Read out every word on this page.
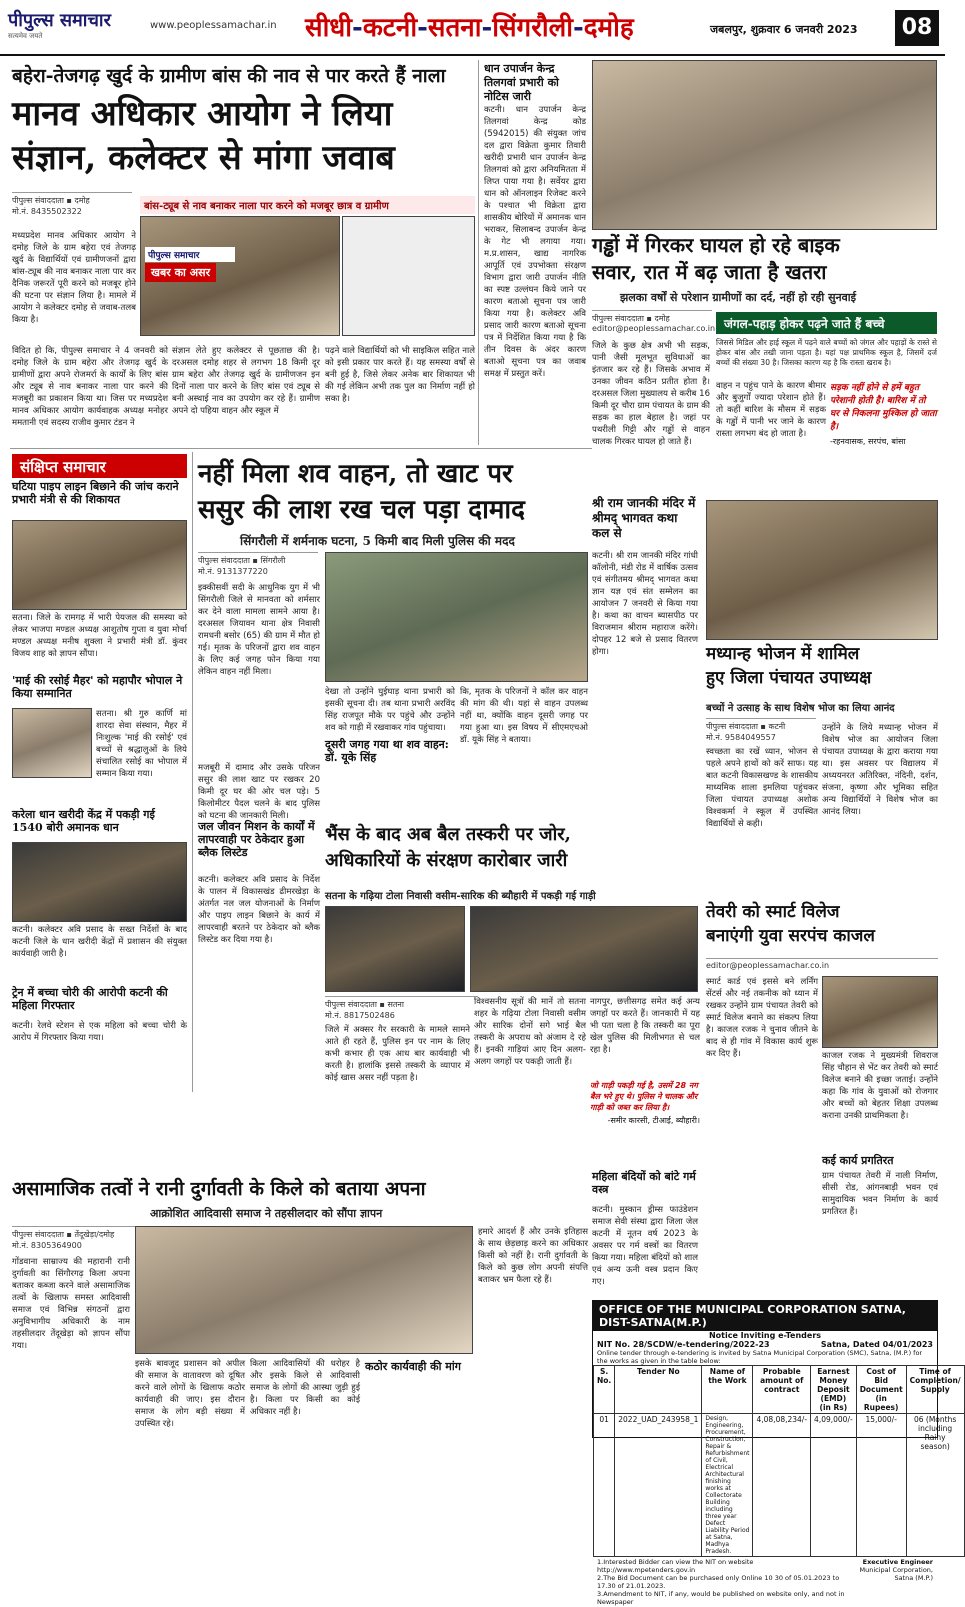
पीपुल्स समाचार
सत्यमेव जयते
www.peoplessamachar.in सीधी-कटनी-सतना-सिंगरौली-दमोह	जबलपुर, शुक्रवार 6 जनवरी 2023	08
बहेरा-तेजगढ़ खुर्द के ग्रामीण बांस की नाव से पार करते हैं नाला
मानव अधिकार आयोग ने लिया
संज्ञान, कलेक्टर से मांगा जवाब
पीपुल्स संवाददाता ▪ दमोह
मो.नं. 8435502322	बांस-ट्यूब से नाव बनाकर नाला पार करने को मजबूर छात्र व ग्रामीण
पीपुल्स समाचार
खबर का असर
मध्यप्रदेश मानव अधिकार आयोग ने दमोह जिले के ग्राम बहेरा एवं तेजगढ़ खुर्द के विद्यार्थियों एवं ग्रामीणजनों द्वारा बांस-ट्यूब की नाव बनाकर नाला पार कर दैनिक जरूरतें पूरी करने को मजबूर होने की घटना पर संज्ञान लिया है। मामले में आयोग ने कलेक्टर दमोह से जवाब-तलब किया है।
विदित हो कि, पीपुल्स समाचार ने 4 जनवरी को दमोह जिले के ग्राम बहेरा और तेजगढ़ खुर्द के ग्रामीणों द्वारा अपने रोजमर्रा के कार्यों के लिए बांस और ट्यूब से नाव बनाकर नाला पार करने की मजबूरी का प्रकाशन किया था। जिस पर मध्यप्रदेश मानव अधिकार आयोग कार्यवाहक अध्यक्ष मनोहर ममतानी एवं सदस्य राजीव कुमार टंडन ने
संज्ञान लेते हुए कलेक्टर से पूछताछ की है। दरअसल दमोह शहर से लगभग 18 किमी दूर ग्राम बहेरा और तेजगढ़ खुर्द के ग्रामीणजन इन दिनों नाला पार करने के लिए बांस एवं ट्यूब से बनी अस्थाई नाव का उपयोग कर रहे हैं। ग्रामीण अपने दो पहिया वाहन और स्कूल में
पढ़ने वाले विद्यार्थियों को भी साइकिल सहित नाले को इसी प्रकार पार करते हैं। यह समस्या वर्षों से बनी हुई है, जिसे लेकर अनेक बार शिकायत भी की गई लेकिन अभी तक पुल का निर्माण नहीं हो सका है।
धान उपार्जन केन्द्र तिलगवां प्रभारी को नोटिस जारी
कटनी। धान उपार्जन केन्द्र तिलगवां केन्द्र कोड (5942015) की संयुक्त जांच दल द्वारा विक्रेता कुमार तिवारी खरीदी प्रभारी धान उपार्जन केन्द्र तिलगवां को द्वारा अनियमितता में लिप्त पाया गया है। सर्वेयर द्वारा धान को ऑनलाइन रिजेक्ट करने के पश्चात भी विक्रेता द्वारा शासकीय बोरियों में अमानक धान भराकर, सिलाबन्द उपार्जन केन्द्र के गेट भी लगाया गया। म.प्र.शासन, खाद्य नागरिक आपूर्ति एवं उपभोक्ता संरक्षण विभाग द्वारा जारी उपार्जन नीति का स्पष्ट उल्लंघन किये जाने पर कारण बताओ सूचना पत्र जारी किया गया है। कलेक्टर अवि प्रसाद जारी कारण बताओ सूचना पत्र में निर्देशित किया गया है कि तीन दिवस के अंदर कारण बताओ सूचना पत्र का जवाब समक्ष में प्रस्तुत करें।
गड्ढों में गिरकर घायल हो रहे बाइक
सवार, रात में बढ़ जाता है खतरा
झलका वर्षों से परेशान ग्रामीणों का दर्द, नहीं हो रही सुनवाई
पीपुल्स संवाददाता ▪ दमोह
editor@peoplessamachar.co.in जंगल-पहाड़ होकर पढ़ने जाते हैं बच्चे
जिले के कुछ क्षेत्र अभी भी सड़क, पानी जैसी मूलभूत सुविधाओं का इंतजार कर रहे हैं। जिसके अभाव में उनका जीवन कठिन प्रतीत होता है। दरअसल जिला मुख्यालय से करीब 16 किमी दूर चौरा ग्राम पंचायत के ग्राम की सड़क का हाल बेहाल है। जहां पर पथरीली गिट्टी और गड्ढों से वाहन चालक गिरकर घायल हो जाते हैं।
जिससे मिडिल और हाई स्कूल में पढ़ने वाले बच्चों को जंगल और पहाड़ों के रास्ते से होकर बांस और तखी जाना पड़ता है। यहां पक्ष प्राथमिक स्कूल है, जिसमें दर्ज बच्चों की संख्या 30 है। जिसका कारण यह है कि रास्ता खराब है।
वाहन न पहुंच पाने के कारण बीमार और बुजुर्गों ज्यादा परेशान होते हैं। तो कहीं बारिश के मौसम में सड़क के गड्ढों में पानी भर जाने के कारण रास्ता लगभग बंद हो जाता है।
सड़क नहीं होने से हमें बहुत परेशानी होती है। बारिश में तो घर से निकलना मुश्किल हो जाता है।
-रहनवासक, सरपंच, बांसा
संक्षिप्त समाचार
घटिया पाइप लाइन बिछाने की जांच कराने प्रभारी मंत्री से की शिकायत
सतना। जिले के रामगढ़ में भारी पेयजल की समस्या को लेकर भाजपा मण्डल अध्यक्ष आशुतोष गुप्ता व युवा मोर्चा मण्डल अध्यक्ष मनीष शुक्ला ने प्रभारी मंत्री डॉ. कुंवर विजय शाह को ज्ञापन सौंपा।
'माई की रसोई मैहर' को महापौर भोपाल ने किया सम्मानित
सतना। श्री गुरु कार्णि मां शारदा सेवा संस्थान, मैहर में निःशुल्क 'माई की रसोई' एवं बच्चों से श्रद्धालुओं के लिये संचालित रसोई का भोपाल में सम्मान किया गया।
करेला धान खरीदी केंद्र में पकड़ी गई 1540 बोरी अमानक धान
कटनी। कलेक्टर अवि प्रसाद के सख्त निर्देशों के बाद कटनी जिले के धान खरीदी केंद्रों में प्रशासन की संयुक्त कार्यवाही जारी है।
ट्रेन में बच्चा चोरी की आरोपी कटनी की महिला गिरफ्तार
कटनी। रेलवे स्टेशन से एक महिला को बच्चा चोरी के आरोप में गिरफ्तार किया गया।
नहीं मिला शव वाहन, तो खाट पर
ससुर की लाश रख चल पड़ा दामाद
सिंगरौली में शर्मनाक घटना, 5 किमी बाद मिली पुलिस की मदद
पीपुल्स संवाददाता ▪ सिंगरौली
मो.नं. 9131377220
इक्कीसवीं सदी के आधुनिक युग में भी सिंगरौली जिले से मानवता को शर्मसार कर देने वाला मामला सामने आया है। दरअसल जियावन थाना क्षेत्र निवासी रामधनी बसोर (65) की ग्राम में मौत हो गई। मृतक के परिजनों द्वारा शव वाहन के लिए कई जगह फोन किया गया लेकिन वाहन नहीं मिला।
मजबूरी में दामाद और उसके परिजन ससुर की लाश खाट पर रखकर 20 किमी दूर घर की ओर चल पड़े। 5 किलोमीटर पैदल चलने के बाद पुलिस को घटना की जानकारी मिली।
देखा तो उन्होंने घुईघाड़ थाना प्रभारी को इसकी सूचना दी। तब थाना प्रभारी अरविंद सिंह राजपूत मौके पर पहुंचे और उन्होंने शव को गाड़ी में रखवाकर गांव पहुंचाया।
दूसरी जगह गया था शव वाहन: डॉ. यूके सिंह
कि, मृतक के परिजनों ने कॉल कर वाहन की मांग की थी। यहां से वाहन उपलब्ध नहीं था, क्योंकि वाहन दूसरी जगह पर गया हुआ था। इस विषय में सीएमएचओ डॉ. यूके सिंह ने बताया।
जल जीवन मिशन के कार्यों में लापरवाही पर ठेकेदार हुआ ब्लैक लिस्टेड
कटनी। कलेक्टर अवि प्रसाद के निर्देश के पालन में विकासखंड ढीमरखेड़ा के अंतर्गत नल जल योजनाओं के निर्माण और पाइप लाइन बिछाने के कार्य में लापरवाही बरतने पर ठेकेदार को ब्लैक लिस्टेड कर दिया गया है।
श्री राम जानकी मंदिर में श्रीमद् भागवत कथा कल से
कटनी। श्री राम जानकी मंदिर गांधी कॉलोनी, मंडी रोड में वार्षिक उत्सव एवं संगीतमय श्रीमद् भागवत कथा ज्ञान यज्ञ एवं संत सम्मेलन का आयोजन 7 जनवरी से किया गया है। कथा का वाचन ब्यासपीठ पर विराजमान श्रीराम महाराज करेंगे। दोपहर 12 बजे से प्रसाद वितरण होगा।	मध्यान्ह भोजन में शामिल
हुए जिला पंचायत उपाध्यक्ष
बच्चों ने उत्साह के साथ विशेष भोज का लिया आनंद
पीपुल्स संवाददाता ▪ कटनी
मो.नं. 9584049557
स्वच्छता का रखें ध्यान, भोजन से पहले अपने हाथों को करें साफ। यह बात कटनी विकासखण्ड के शासकीय माध्यमिक शाला इमलिया पहुंचकर जिला पंचायत उपाध्यक्ष अशोक विश्वकर्मा ने स्कूल में उपस्थित विद्यार्थियों से कही।
उन्होंने के लिये मध्यान्ह भोजन में विशेष भोज का आयोजन जिला पंचायत उपाध्यक्ष के द्वारा कराया गया था। इस अवसर पर विद्यालय में अध्ययनरत अतिरिक्त, नंदिनी, दर्शन, संजना, कृष्णा और भूमिका सहित अन्य विद्यार्थियों ने विशेष भोज का आनंद लिया।
भैंस के बाद अब बैल तस्करी पर जोर,
अधिकारियों के संरक्षण कारोबार जारी
सतना के गढ़िया टोला निवासी वसीम-सारिक की ब्यौहारी में पकड़ी गई गाड़ी
पीपुल्स संवाददाता ▪ सतना
मो.नं. 8817502486
जिले में अक्सर गैर सरकारी के मामले सामने आते ही रहते हैं, पुलिस इन पर नाम के लिए कभी कभार ही एक आध बार कार्यवाही भी करती है। हालांकि इससे तस्करी के व्यापार में कोई खास असर नहीं पड़ता है।
विश्वसनीय सूत्रों की मानें तो सतना शहर के गढ़िया टोला निवासी वसीम और सारिक दोनों सगे भाई बैल तस्करी के अपराध को अंजाम दे रहे हैं। इनकी गाड़ियां आए दिन अलग-अलग जगहों पर पकड़ी जाती हैं।
नागपुर, छत्तीसगढ़ समेत कई अन्य जगहों पर करते हैं। जानकारी में यह भी पता चला है कि तस्करी का पूरा खेल पुलिस की मिलीभगत से चल रहा है।
जो गाड़ी पकड़ी गई है, उसमें 28 नग बैल भरे हुए थे। पुलिस ने चालक और गाड़ी को जब्त कर लिया है।
-समीर कारसी, टीआई, ब्यौहारी।
महिला बंदियों को बांटे गर्म वस्त्र
कटनी। मुस्कान ड्रीम्स फाउंडेशन समाज सेवी संस्था द्वारा जिला जेल कटनी में नूतन वर्ष 2023 के अवसर पर गर्म वस्त्रों का वितरण किया गया। महिला बंदियों को शाल एवं अन्य ऊनी वस्त्र प्रदान किए गए।
तेवरी को स्मार्ट विलेज
बनाएंगी युवा सरपंच काजल
editor@peoplessamachar.co.in
स्मार्ट कार्ड एवं इससे बने लर्निंग सेंटर्स और नई तकनीक को ध्यान में रखकर उन्होंने ग्राम पंचायत तेवरी को स्मार्ट विलेज बनाने का संकल्प लिया है। काजल रजक ने चुनाव जीतने के बाद से ही गांव में विकास कार्य शुरू कर दिए हैं।	काजल रजक ने मुख्यमंत्री शिवराज सिंह चौहान से भेंट कर तेवरी को स्मार्ट विलेज बनाने की इच्छा जताई। उन्होंने कहा कि गांव के युवाओं को रोजगार और बच्चों को बेहतर शिक्षा उपलब्ध कराना उनकी प्राथमिकता है।
कई कार्य प्रगतिरत
ग्राम पंचायत तेवरी में नाली निर्माण, सीसी रोड, आंगनबाड़ी भवन एवं सामुदायिक भवन निर्माण के कार्य प्रगतिरत हैं।
असामाजिक तत्वों ने रानी दुर्गावती के किले को बताया अपना
आक्रोशित आदिवासी समाज ने तहसीलदार को सौंपा ज्ञापन
पीपुल्स संवाददाता ▪ तेंदूखेड़ा/दमोह
मो.नं. 8305364900
गोंडवाना साम्राज्य की महारानी रानी दुर्गावती का सिंगौरगढ़ किला अपना बताकर कब्जा करने वाले असामाजिक तत्वों के खिलाफ समस्त आदिवासी समाज एवं विभिन्न संगठनों द्वारा अनुविभागीय अधिकारी के नाम तहसीलदार तेंदूखेड़ा को ज्ञापन सौंपा गया।
हमारे आदर्श हैं और उनके इतिहास के साथ छेड़छाड़ करने का अधिकार किसी को नहीं है। रानी दुर्गावती के किले को कुछ लोग अपनी संपत्ति बताकर भ्रम फैला रहे हैं।
इसके बावजूद प्रशासन को अपील की समाज के वातावरण को दूषित करने वाले लोगों के खिलाफ कठोर कार्यवाही की जाए। इस दौरान समाज के लोग बड़ी संख्या में उपस्थित रहे।
किला आदिवासियों की धरोहर है और इसके किले से आदिवासी समाज के लोगों की आस्था जुड़ी हुई है। किला पर किसी का कोई अधिकार नहीं है।
कठोर कार्यवाही की मांग
OFFICE OF THE MUNICIPAL CORPORATION SATNA, DIST-SATNA(M.P.)
Notice Inviting e-Tenders
NIT No. 28/SCDW/e-tendering/2022-23	Satna, Dated 04/01/2023
Online tender through e-tendering is invited by Satna Municipal Corporation (SMC), Satna, (M.P.) for the works as given in the table below:
S. No.	Tender No	Name of the Work	Probable amount of contract	Earnest Money Deposit (EMD) (in Rs)	Cost of Bid Document (in Rupees)	Time of Completion/ Supply
01	2022_UAD_243958_1	Design, Engineering, Procurement, Construction, Repair & Refurbishment of Civil, Electrical Architectural finishing works at Collectorate Building including three year Defect Liability Period at Satna, Madhya Pradesh.	4,08,08,234/-	4,09,000/-	15,000/-	06 (Months including Rainy season)
1.Interested Bidder can view the NIT on website http://www.mpetenders.gov.in
2.The Bid Document can be purchased only Online 10 30 of 05.01.2023 to 17.30 of 21.01.2023.
3.Amendment to NIT, if any, would be published on website only, and not in Newspaper
Executive Engineer
Municipal Corporation, Satna (M.P.)
